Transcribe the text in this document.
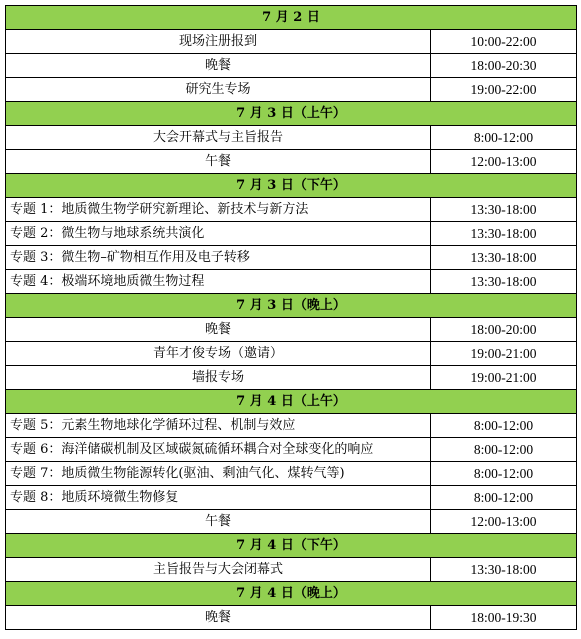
7 月 2 日	
现场注册报到	10:00-22:00
晚餐	18:00-20:30
研究生专场	19:00-22:00
7 月 3 日（上午）	
大会开幕式与主旨报告	8:00-12:00
午餐	12:00-13:00
7 月 3 日（下午）	
专题 1：地质微生物学研究新理论、新技术与新方法	13:30-18:00
专题 2：微生物与地球系统共演化	13:30-18:00
专题 3：微生物–矿物相互作用及电子转移	13:30-18:00
专题 4：极端环境地质微生物过程	13:30-18:00
7 月 3 日（晚上）	
晚餐	18:00-20:00
青年才俊专场（邀请）	19:00-21:00
墙报专场	19:00-21:00
7 月 4 日（上午）	
专题 5：元素生物地球化学循环过程、机制与效应	8:00-12:00
专题 6：海洋储碳机制及区域碳氮硫循环耦合对全球变化的响应	8:00-12:00
专题 7：地质微生物能源转化(驱油、剩油气化、煤转气等)	8:00-12:00
专题 8：地质环境微生物修复	8:00-12:00
午餐	12:00-13:00
7 月 4 日（下午）	
主旨报告与大会闭幕式	13:30-18:00
7 月 4 日（晚上）	
晚餐	18:00-19:30
